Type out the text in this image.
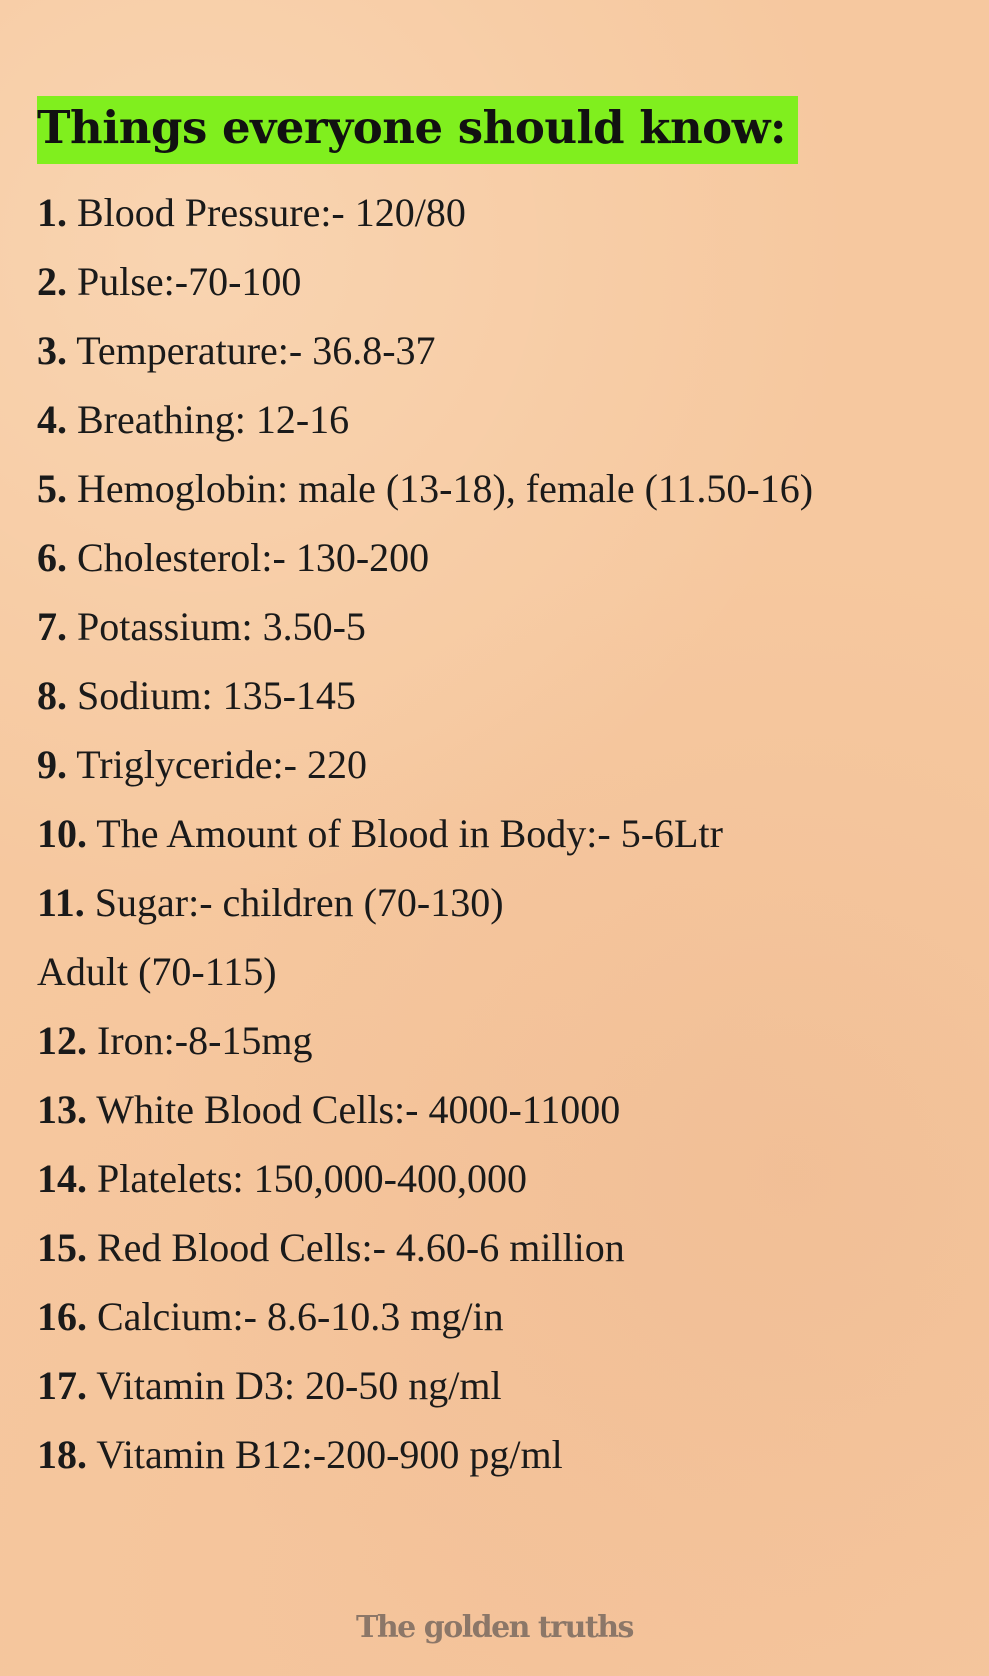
Things everyone should know:
1. Blood Pressure:- 120/80
2. Pulse:-70-100
3. Temperature:- 36.8-37
4. Breathing: 12-16
5. Hemoglobin: male (13-18), female (11.50-16)
6. Cholesterol:- 130-200
7. Potassium: 3.50-5
8. Sodium: 135-145
9. Triglyceride:- 220
10. The Amount of Blood in Body:- 5-6Ltr
11. Sugar:- children (70-130)
Adult (70-115)
12. Iron:-8-15mg
13. White Blood Cells:- 4000-11000
14. Platelets: 150,000-400,000
15. Red Blood Cells:- 4.60-6 million
16. Calcium:- 8.6-10.3 mg/in
17. Vitamin D3: 20-50 ng/ml
18. Vitamin B12:-200-900 pg/ml
The golden truths
